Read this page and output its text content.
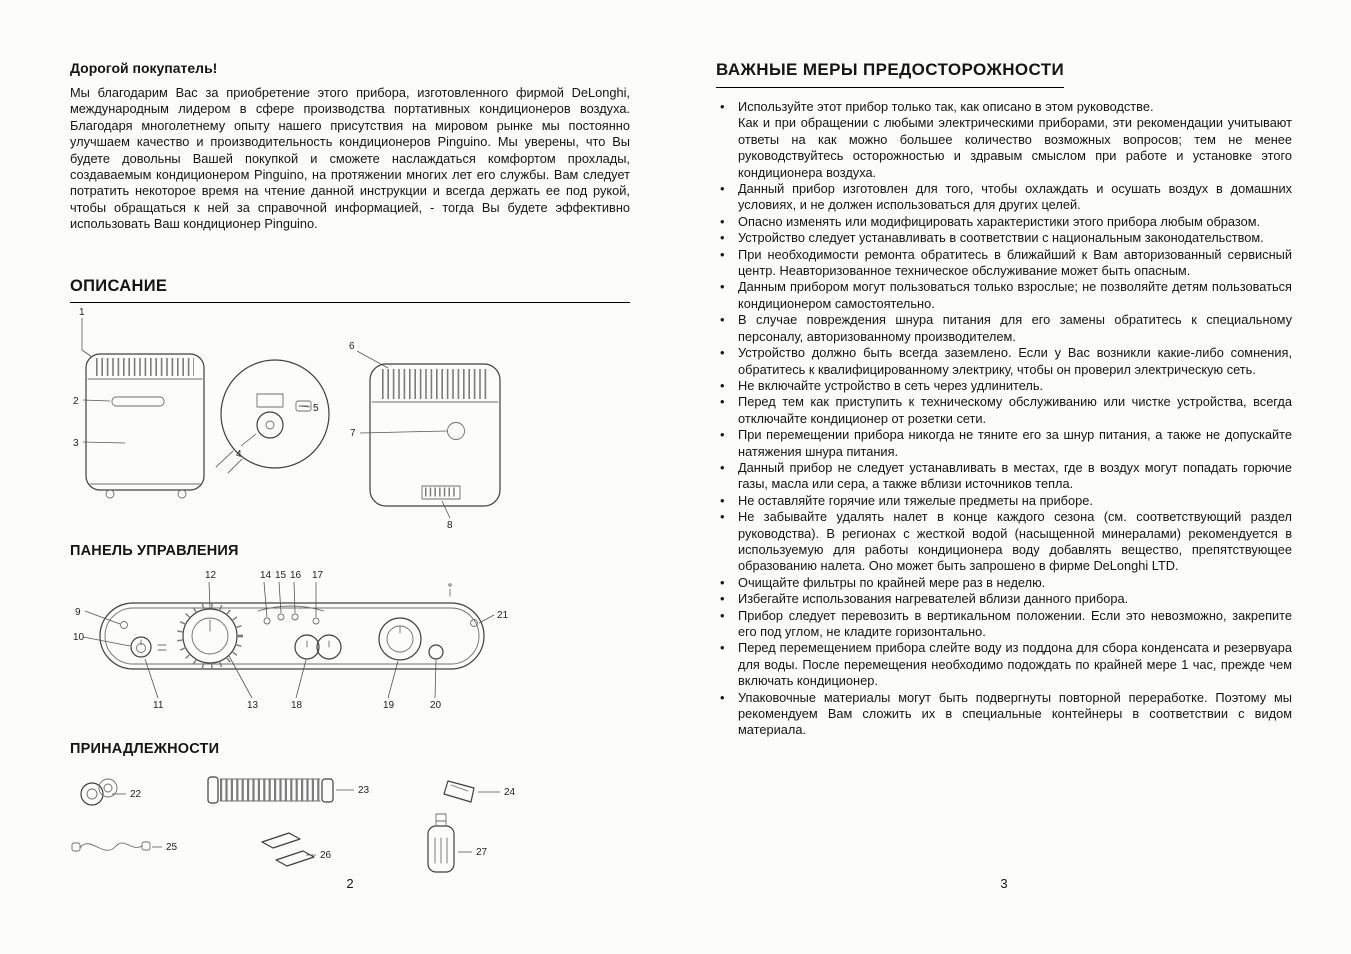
Дорогой покупатель!
Мы благодарим Вас за приобретение этого прибора, изготовленного фирмой DeLonghi, международным лидером в сфере производства портативных кондиционеров воздуха. Благодаря многолетнему опыту нашего присутствия на мировом рынке мы постоянно улучшаем качество и производительность кондиционеров Pinguino. Мы уверены, что Вы будете довольны Вашей покупкой и сможете наслаждаться комфортом прохлады, создаваемым кондиционером Pinguino, на протяжении многих лет его службы. Вам следует потратить некоторое время на чтение данной инструкции и всегда держать ее под рукой, чтобы обращаться к ней за справочной информацией, - тогда Вы будете эффективно использовать Ваш кондиционер Pinguino.
ОПИСАНИЕ
1
2
3
4
5
6
7
8
ПАНЕЛЬ УПРАВЛЕНИЯ
9
10
11
12
13
14 15 16 17
18	19	20
21
ПРИНАДЛЕЖНОСТИ
22	23	24
25
26	27
2
ВАЖНЫЕ МЕРЫ ПРЕДОСТОРОЖНОСТИ
• Используйте этот прибор только так, как описано в этом руководстве.
Как и при обращении с любыми электрическими приборами, эти рекомендации учитывают ответы на как можно большее количество возможных вопросов; тем не менее руководствуйтесь осторожностью и здравым смыслом при работе и установке этого кондиционера воздуха.
• Данный прибор изготовлен для того, чтобы охлаждать и осушать воздух в домашних условиях, и не должен использоваться для других целей.
• Опасно изменять или модифицировать характеристики этого прибора любым образом.
• Устройство следует устанавливать в соответствии с национальным законодательством.
• При необходимости ремонта обратитесь в ближайший к Вам авторизованный сервисный центр. Неавторизованное техническое обслуживание может быть опасным.
• Данным прибором могут пользоваться только взрослые; не позволяйте детям пользоваться кондиционером самостоятельно.
• В случае повреждения шнура питания для его замены обратитесь к специальному персоналу, авторизованному производителем.
• Устройство должно быть всегда заземлено. Если у Вас возникли какие-либо сомнения, обратитесь к квалифицированному электрику, чтобы он проверил электрическую сеть.
• Не включайте устройство в сеть через удлинитель.
• Перед тем как приступить к техническому обслуживанию или чистке устройства, всегда отключайте кондиционер от розетки сети.
• При перемещении прибора никогда не тяните его за шнур питания, а также не допускайте натяжения шнура питания.
• Данный прибор не следует устанавливать в местах, где в воздух могут попадать горючие газы, масла или сера, а также вблизи источников тепла.
• Не оставляйте горячие или тяжелые предметы на приборе.
• Не забывайте удалять налет в конце каждого сезона (см. соответствующий раздел руководства). В регионах с жесткой водой (насыщенной минералами) рекомендуется в используемую для работы кондиционера воду добавлять вещество, препятствующее образованию налета. Оно может быть запрошено в фирме DeLonghi LTD.
• Очищайте фильтры по крайней мере раз в неделю.
• Избегайте использования нагревателей вблизи данного прибора.
• Прибор следует перевозить в вертикальном положении. Если это невозможно, закрепите его под углом, не кладите горизонтально.
• Перед перемещением прибора слейте воду из поддона для сбора конденсата и резервуара для воды. После перемещения необходимо подождать по крайней мере 1 час, прежде чем включать кондиционер.
• Упаковочные материалы могут быть подвергнуты повторной переработке. Поэтому мы рекомендуем Вам сложить их в специальные контейнеры в соответствии с видом материала.
3
